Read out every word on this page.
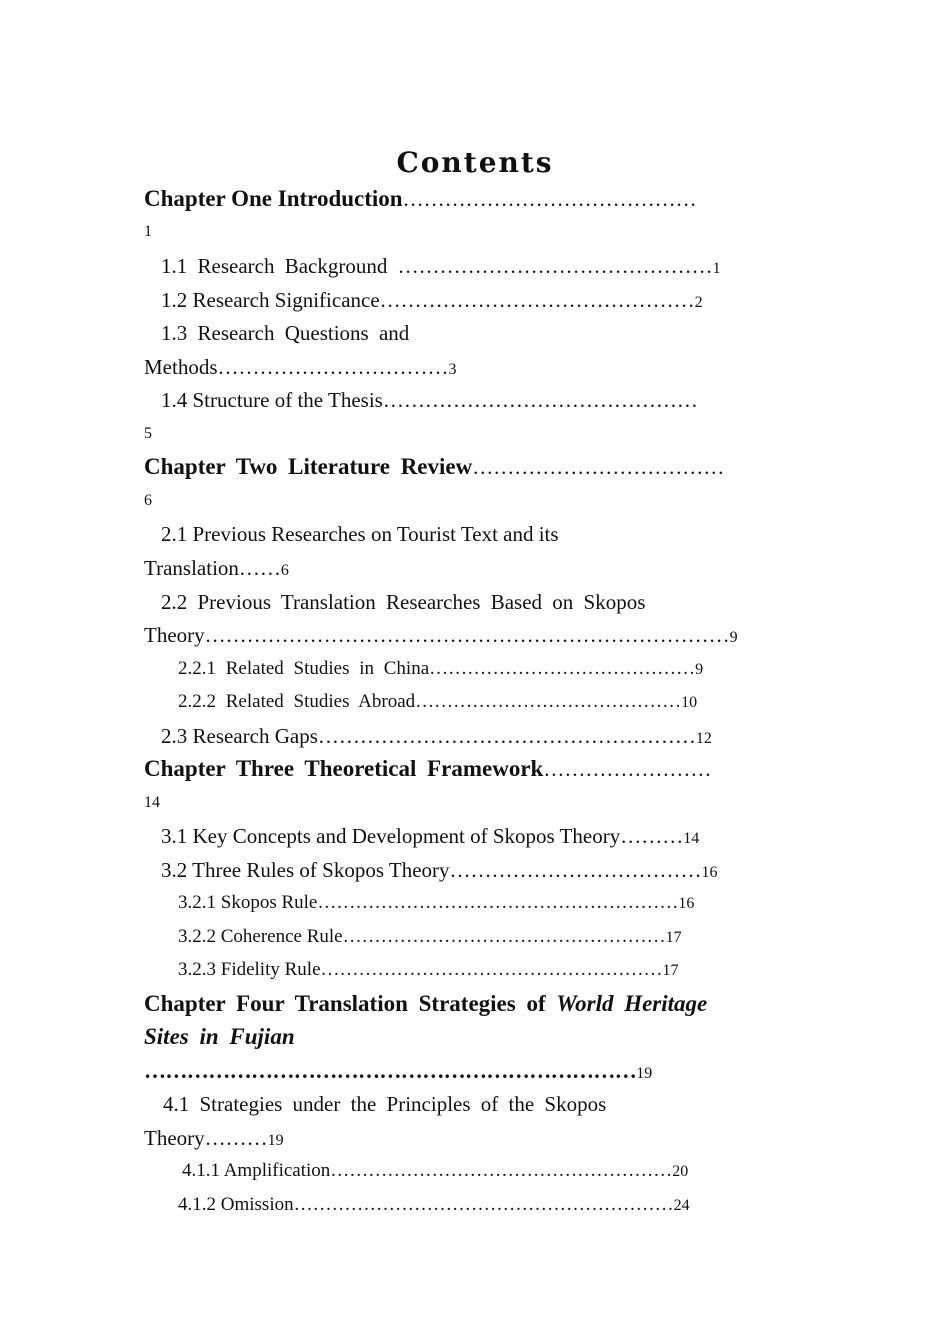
Contents
Chapter One Introduction……………………………………
1
1.1 Research Background ………………………………………1
1.2 Research Significance………………………………………2
1.3 Research Questions and
Methods……………………………3
1.4 Structure of the Thesis………………………………………
5
Chapter Two Literature Review………………………………
6
2.1 Previous Researches on Tourist Text and its
Translation……6
2.2 Previous Translation Researches Based on Skopos
Theory…………………………………………………………………9
2.2.1 Related Studies in China……………………………………9
2.2.2 Related Studies Abroad……………………………………10
2.3 Research Gaps………………………………………………12
Chapter Three Theoretical Framework……………………
14
3.1 Key Concepts and Development of Skopos Theory………14
3.2 Three Rules of Skopos Theory………………………………16
3.2.1 Skopos Rule…………………………………………………16
3.2.2 Coherence Rule……………………………………………17
3.2.3 Fidelity Rule………………………………………………17
Chapter Four Translation Strategies of World Heritage
Sites in Fujian
……………………………………………………………19
4.1 Strategies under the Principles of the Skopos
Theory………19
4.1.1 Amplification………………………………………………20
4.1.2 Omission……………………………………………………24
